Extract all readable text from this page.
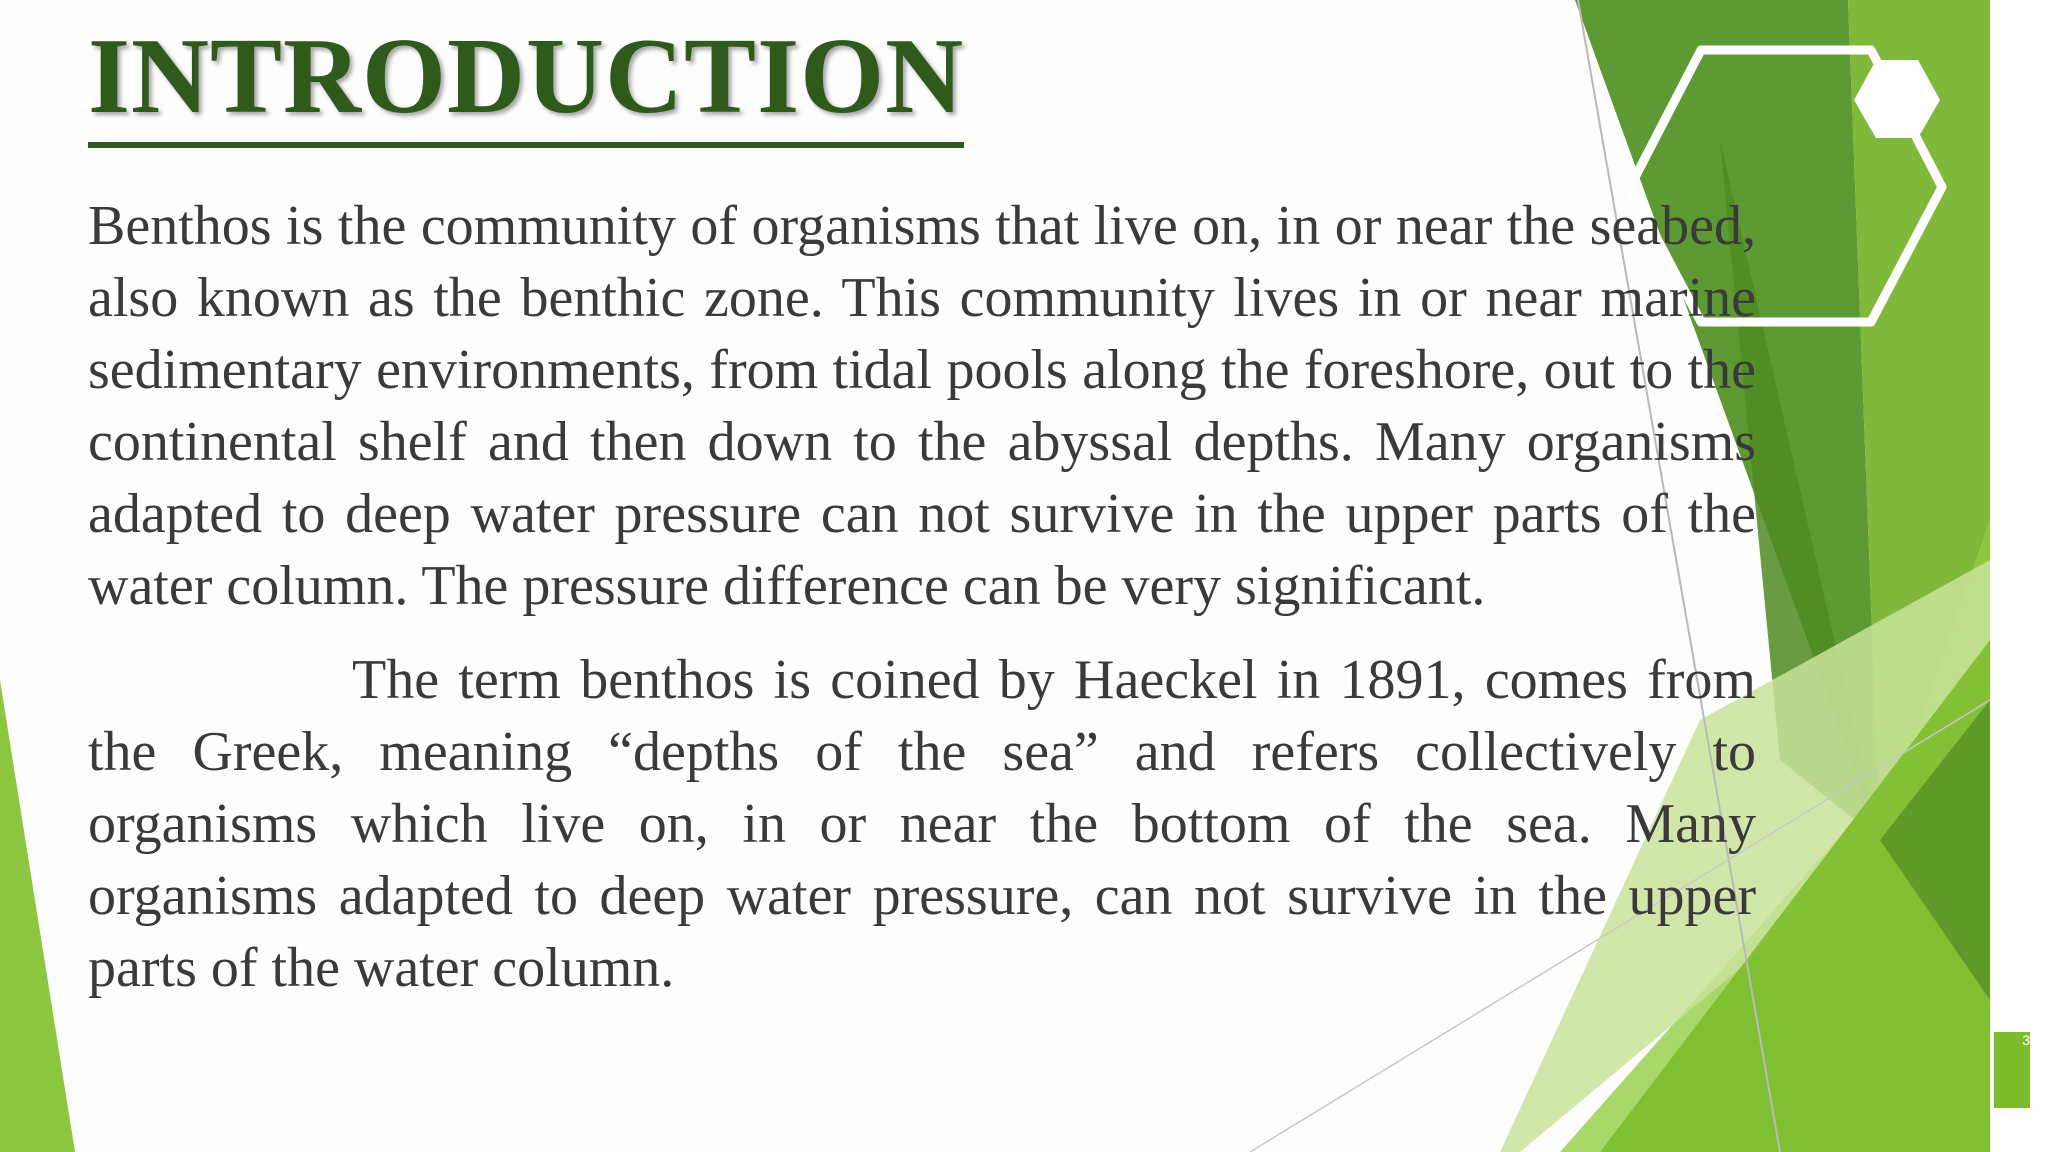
INTRODUCTION

Benthos is the community of organisms that live on, in or near the seabed, also known as the benthic zone. This community lives in or near marine sedimentary environments, from tidal pools along the foreshore, out to the continental shelf and then down to the abyssal depths. Many organisms adapted to deep water pressure can not survive in the upper parts of the water column. The pressure difference can be very significant.

The term benthos is coined by Haeckel in 1891, comes from the Greek, meaning “depths of the sea” and refers collectively to organisms which live on, in or near the bottom of the sea. Many organisms adapted to deep water pressure, can not survive in the upper parts of the water column.

3
